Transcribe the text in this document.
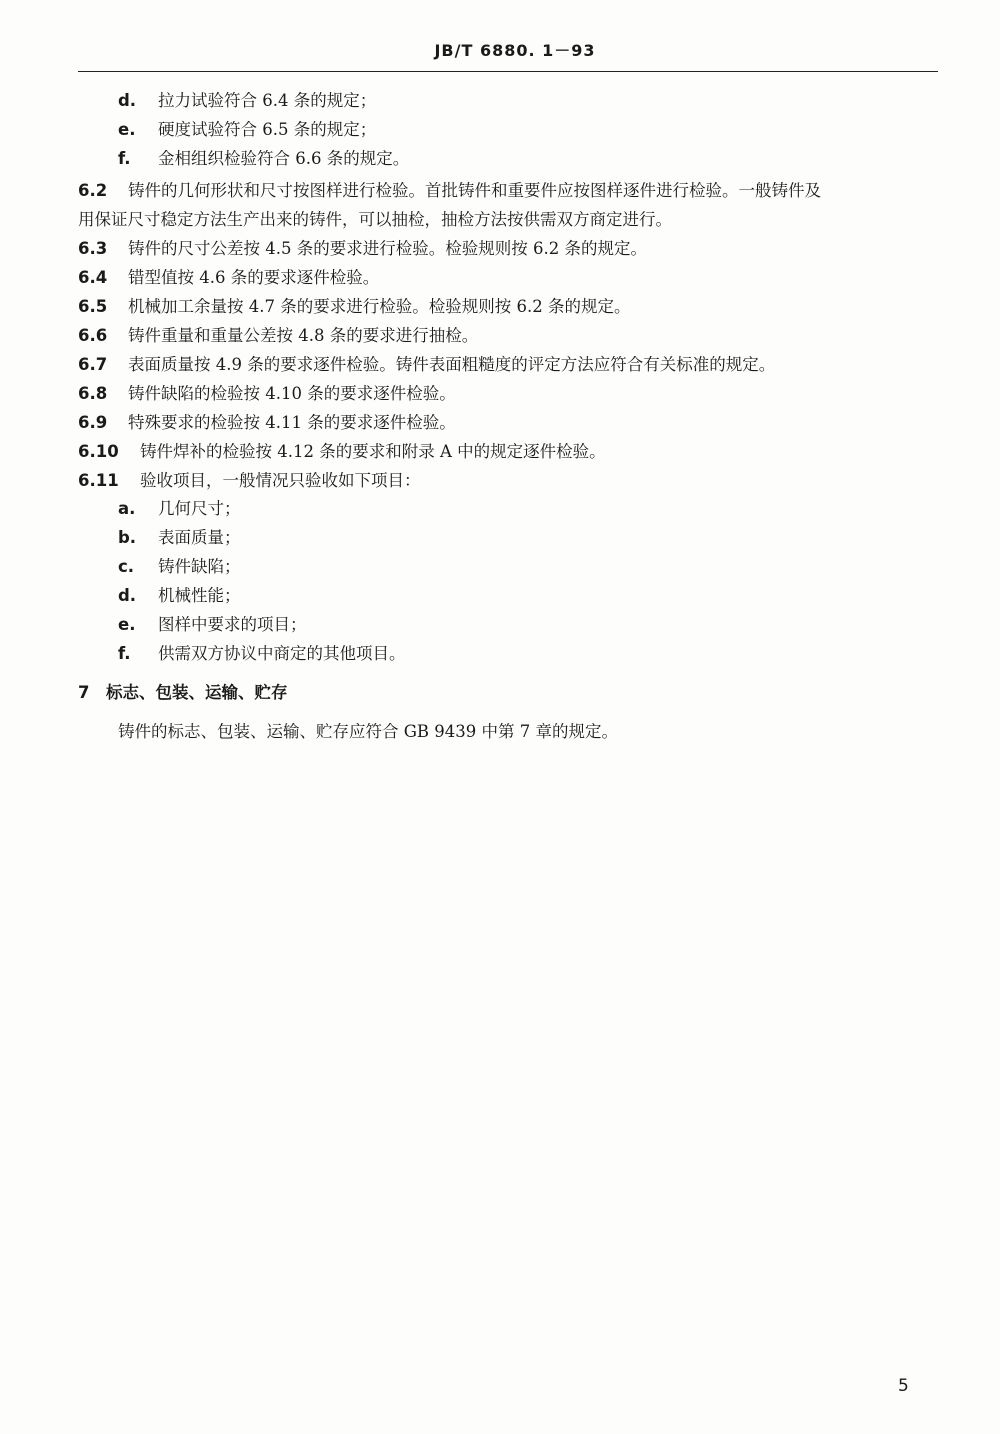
JB/T 6880. 1－93
d. 拉力试验符合 6.4 条的规定；
e. 硬度试验符合 6.5 条的规定；
f. 金相组织检验符合 6.6 条的规定。
6.2 铸件的几何形状和尺寸按图样进行检验。首批铸件和重要件应按图样逐件进行检验。一般铸件及
用保证尺寸稳定方法生产出来的铸件，可以抽检，抽检方法按供需双方商定进行。
6.3 铸件的尺寸公差按 4.5 条的要求进行检验。检验规则按 6.2 条的规定。
6.4 错型值按 4.6 条的要求逐件检验。
6.5 机械加工余量按 4.7 条的要求进行检验。检验规则按 6.2 条的规定。
6.6 铸件重量和重量公差按 4.8 条的要求进行抽检。
6.7 表面质量按 4.9 条的要求逐件检验。铸件表面粗糙度的评定方法应符合有关标准的规定。
6.8 铸件缺陷的检验按 4.10 条的要求逐件检验。
6.9 特殊要求的检验按 4.11 条的要求逐件检验。
6.10 铸件焊补的检验按 4.12 条的要求和附录 A 中的规定逐件检验。
6.11 验收项目，一般情况只验收如下项目：
a. 几何尺寸；
b. 表面质量；
c. 铸件缺陷；
d. 机械性能；
e. 图样中要求的项目；
f. 供需双方协议中商定的其他项目。
7 标志、包装、运输、贮存
铸件的标志、包装、运输、贮存应符合 GB 9439 中第 7 章的规定。
5
